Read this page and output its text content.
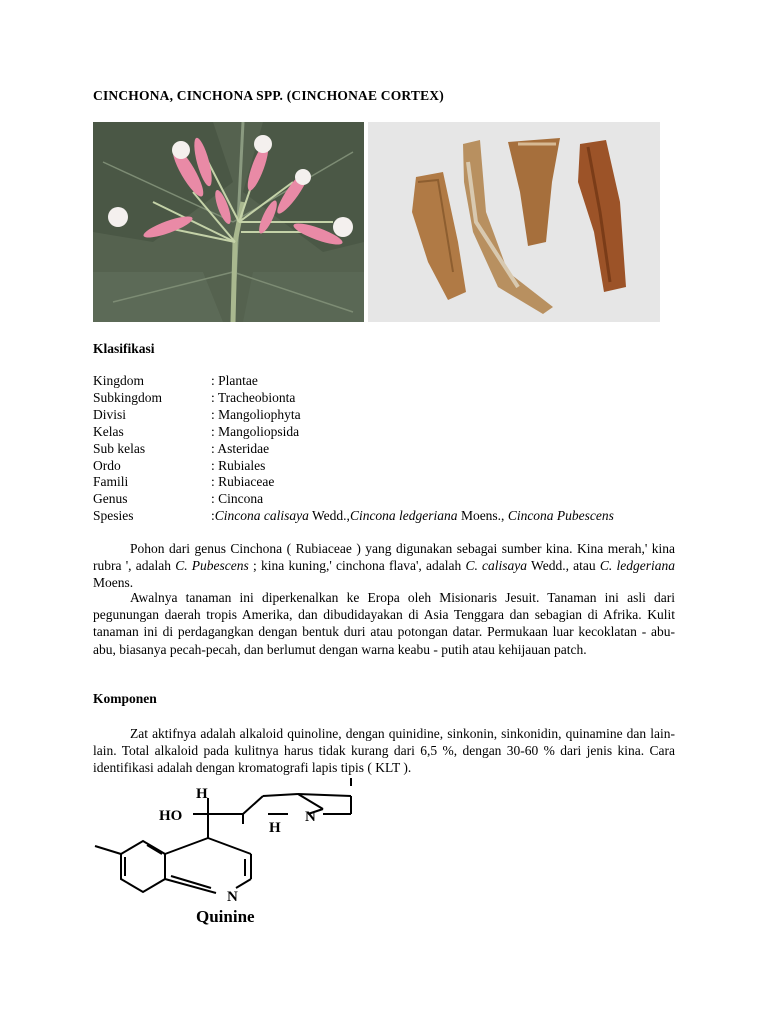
CINCHONA, CINCHONA SPP. (CINCHONAE CORTEX)
Klasifikasi
Kingdom	: Plantae
Subkingdom	: Tracheobionta
Divisi	: Mangoliophyta
Kelas	: Mangoliopsida
Sub kelas	: Asteridae
Ordo	: Rubiales
Famili	: Rubiaceae
Genus	: Cincona
Spesies	:Cincona calisaya Wedd.,Cincona ledgeriana Moens., Cincona Pubescens

Pohon dari genus Cinchona ( Rubiaceae ) yang digunakan sebagai sumber kina. Kina merah,' kina rubra ', adalah C. Pubescens ; kina kuning,' cinchona flava', adalah C. calisaya Wedd., atau C. ledgeriana Moens.

Awalnya tanaman ini diperkenalkan ke Eropa oleh Misionaris Jesuit. Tanaman ini asli dari pegunungan daerah tropis Amerika, dan dibudidayakan di Asia Tenggara dan sebagian di Afrika. Kulit tanaman ini di perdagangkan dengan bentuk duri atau potongan datar. Permukaan luar kecoklatan - abu-abu, biasanya pecah-pecah, dan berlumut dengan warna keabu - putih atau kehijauan patch.

Komponen

Zat aktifnya adalah alkaloid quinoline, dengan quinidine, sinkonin, sinkonidin, quinamine dan lain-lain. Total alkaloid pada kulitnya harus tidak kurang dari 6,5 %, dengan 30-60 % dari jenis kina. Cara identifikasi adalah dengan kromatografi lapis tipis ( KLT ).

H
HO
H
N
N
Quinine
